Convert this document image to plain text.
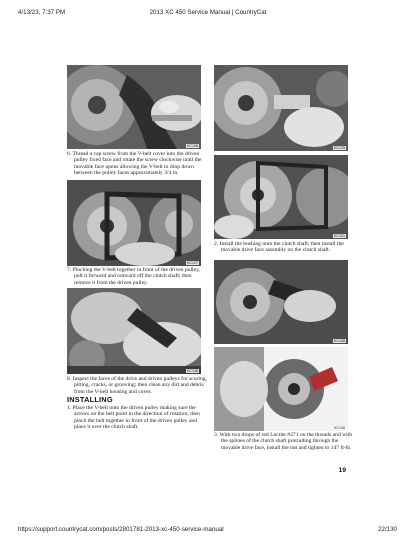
4/13/23, 7:37 PM	2013 XC 450 Service Manual | CountryCat
KC128
6. Thread a cap screw from the V-belt cover into the driven pulley fixed face and rotate the screw clockwise until the movable face opens allowing the V-belt to drop down between the pulley faces approximately 3/4 in.
KC127
7. Pinching the V-belt together in front of the driven pulley, pull it forward and outward off the clutch shaft; then remove it from the driven pulley.
KC136
8. Inspect the faces of the drive and driven pulleys for scoring, pitting, cracks, or grooving; then clean any dirt and debris from the V-belt housing and cover.
INSTALLING
1. Place the V-belt onto the driven pulley making sure the arrows on the belt point in the direction of rotation; then pinch the belt together in front of the driven pulley and place it over the clutch shaft.
KC125
KC131
2. Install the bushing onto the clutch shaft; then install the movable drive face assembly on the clutch shaft.
KC128
KC138
3. With two drops of red Loctite #271 on the threads and with the splines of the clutch shaft protruding through the movable drive face, install the nut and tighten to 147 ft-lb.
19
https://support.countrycat.com/posts/2801781-2013-xc-450-service-manual	22/130
